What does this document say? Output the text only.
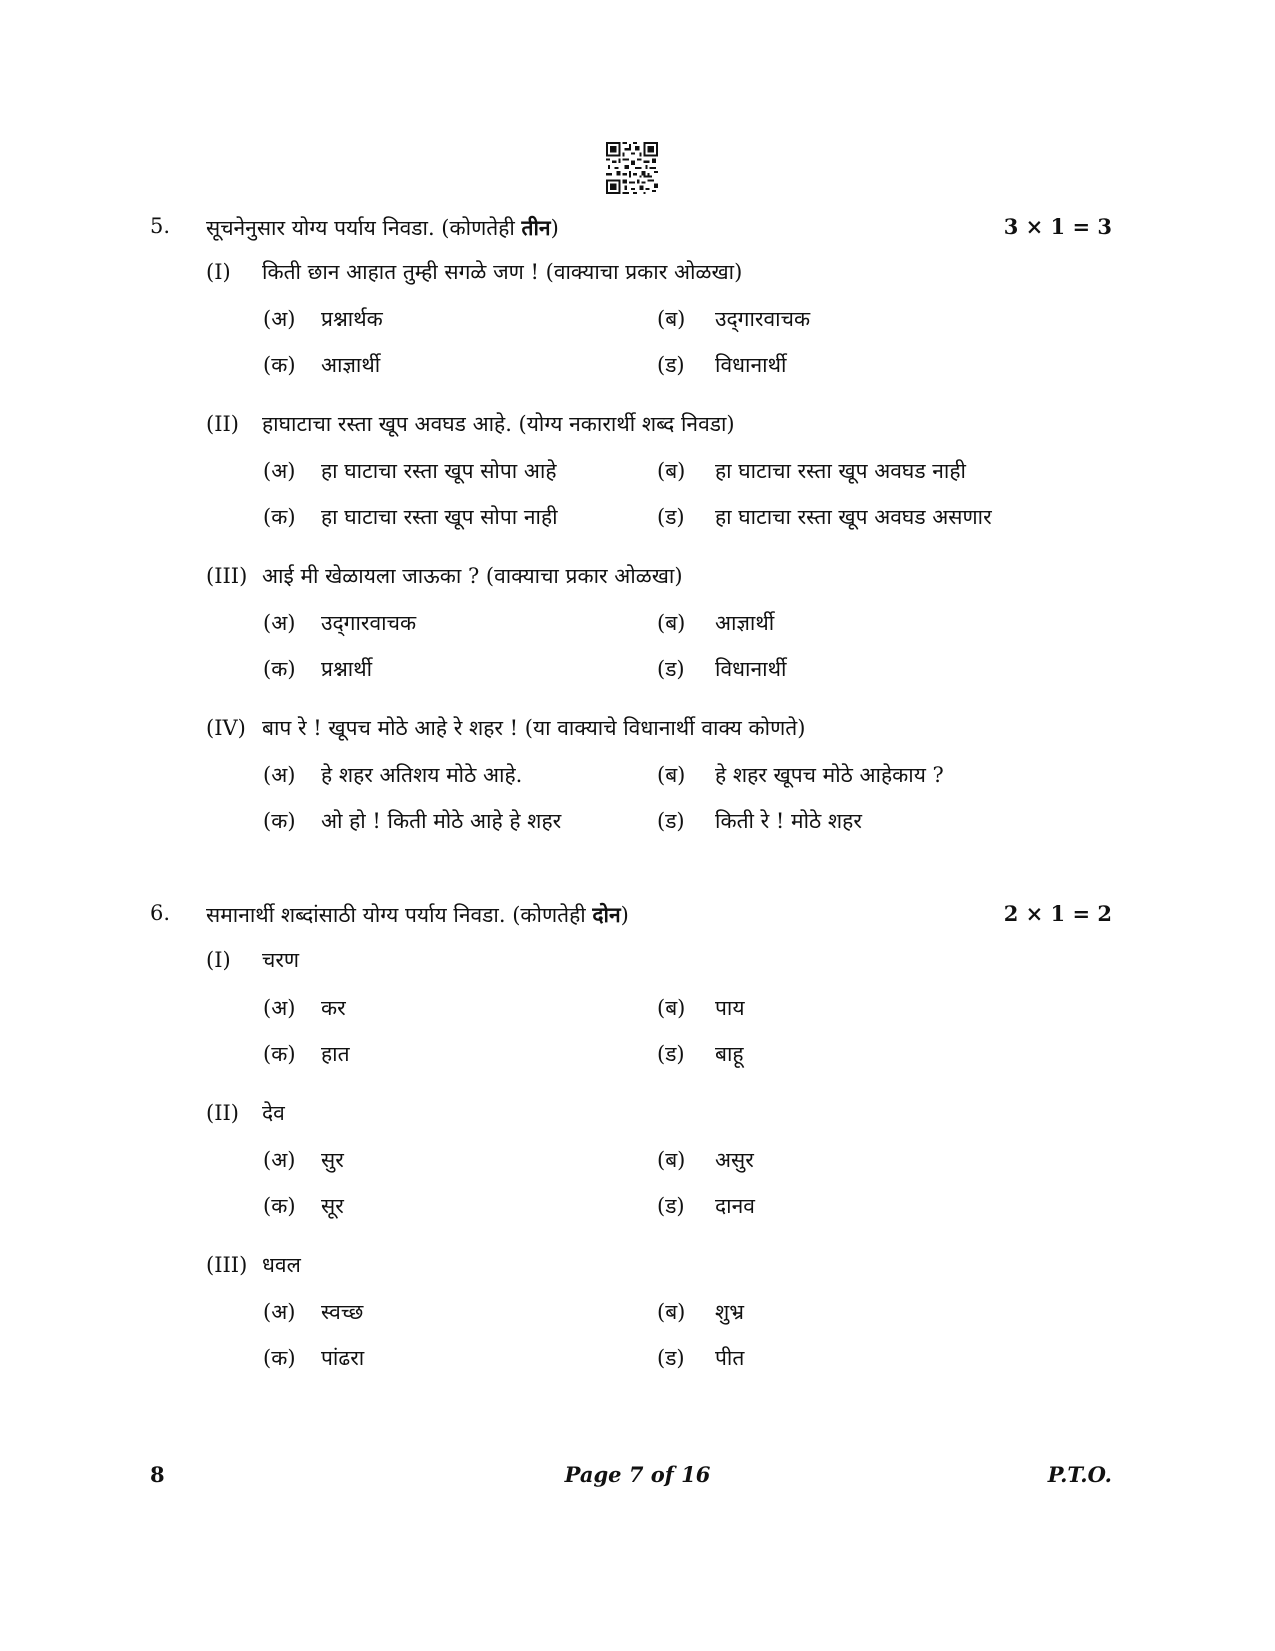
5. सूचनेनुसार योग्य पर्याय निवडा. (कोणतेही तीन)	3 × 1 = 3
(I) किती छान आहात तुम्ही सगळे जण ! (वाक्याचा प्रकार ओळखा)
(अ) प्रश्नार्थक	(ब) उद्‌गारवाचक
(क) आज्ञार्थी	(ड) विधानार्थी
(II) हाघाटाचा रस्ता खूप अवघड आहे. (योग्य नकारार्थी शब्द निवडा)
(अ) हा घाटाचा रस्ता खूप सोपा आहे	(ब) हा घाटाचा रस्ता खूप अवघड नाही
(क) हा घाटाचा रस्ता खूप सोपा नाही	(ड) हा घाटाचा रस्ता खूप अवघड असणार
(III) आई मी खेळायला जाऊका ? (वाक्याचा प्रकार ओळखा)
(अ) उद्‌गारवाचक	(ब) आज्ञार्थी
(क) प्रश्नार्थी	(ड) विधानार्थी
(IV) बाप रे ! खूपच मोठे आहे रे शहर ! (या वाक्याचे विधानार्थी वाक्य कोणते)
(अ) हे शहर अतिशय मोठे आहे.	(ब) हे शहर खूपच मोठे आहेकाय ?
(क) ओ हो ! किती मोठे आहे हे शहर	(ड) किती रे ! मोठे शहर
6. समानार्थी शब्दांसाठी योग्य पर्याय निवडा. (कोणतेही दोन)	2 × 1 = 2
(I) चरण
(अ) कर	(ब) पाय
(क) हात	(ड) बाहू
(II) देव
(अ) सुर	(ब) असुर
(क) सूर	(ड) दानव
(III) धवल
(अ) स्वच्छ	(ब) शुभ्र
(क) पांढरा	(ड) पीत
8	Page 7 of 16	P.T.O.
